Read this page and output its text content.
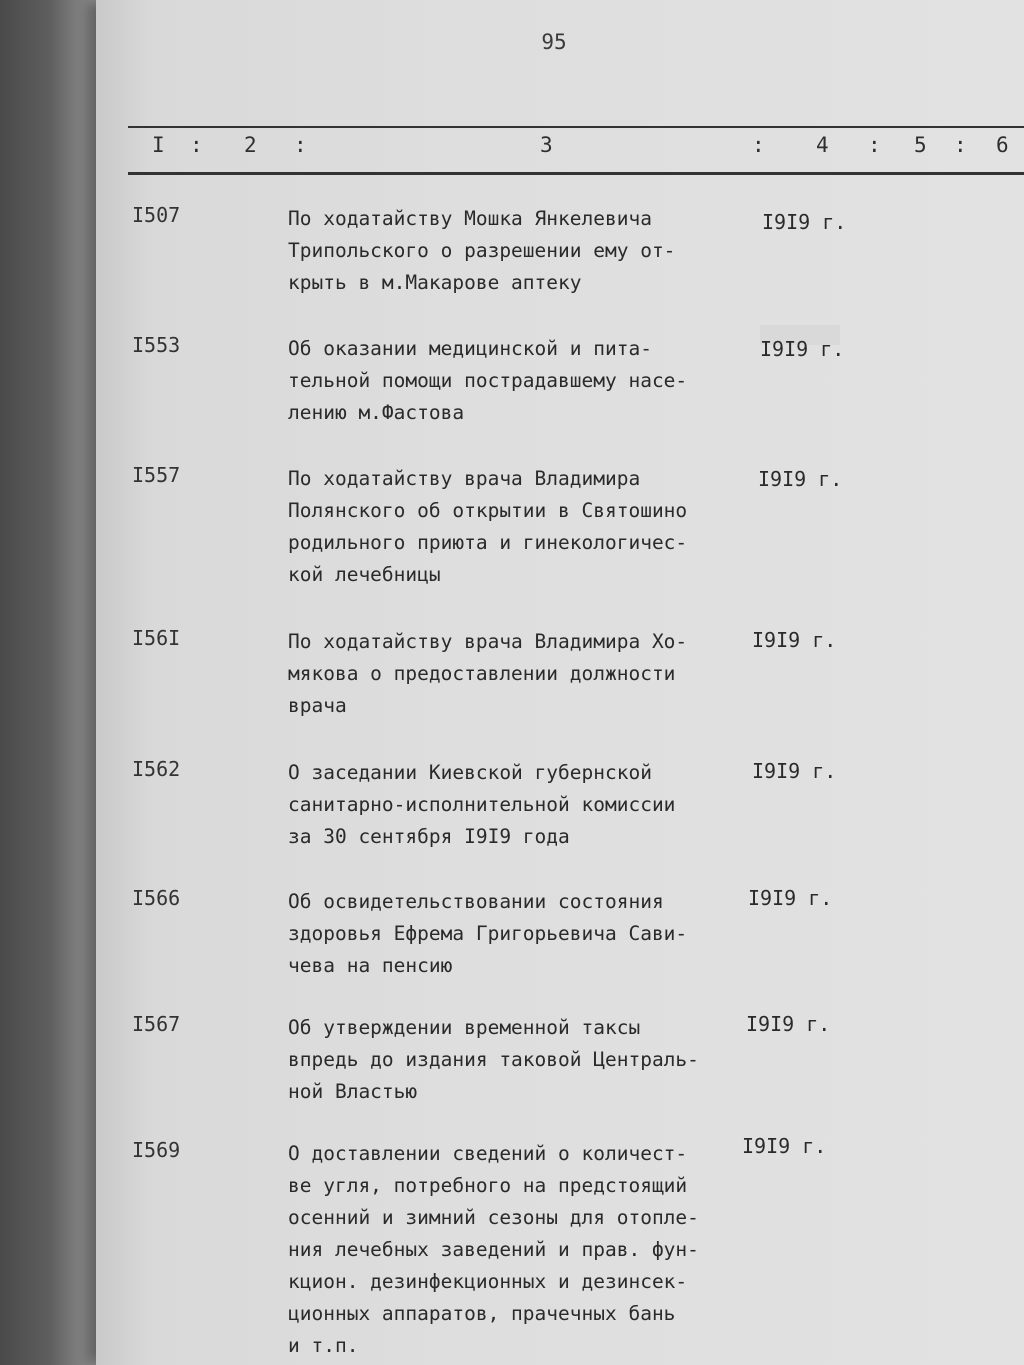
95
I : 2 :	3	: 4 : 5 : 6
I507	По ходатайству Мошка Янкелевича
Трипольского о разрешении ему от-
крыть в м.Макарове аптеку
I9I9 г.
I553	Об оказании медицинской и пита-
тельной помощи пострадавшему насе-
лению м.Фастова
I9I9 г.
I557	По ходатайству врача Владимира
Полянского об открытии в Святошино
родильного приюта и гинекологичес-
кой лечебницы
I9I9 г.
I56I	По ходатайству врача Владимира Хо-
мякова о предоставлении должности
врача
I9I9 г.
I562	О заседании Киевской губернской
санитарно-исполнительной комиссии
за 30 сентября I9I9 года
I9I9 г.
I566	Об освидетельствовании состояния
здоровья Ефрема Григорьевича Сави-
чева на пенсию
I9I9 г.
I567	Об утверждении временной таксы
впредь до издания таковой Централь-
ной Властью
I9I9 г.
I569	О доставлении сведений о количест-
ве угля, потребного на предстоящий
осенний и зимний сезоны для отопле-
ния лечебных заведений и прав. фун-
кцион. дезинфекционных и дезинсек-
ционных аппаратов, прачечных бань
и т.п.
I9I9 г.
